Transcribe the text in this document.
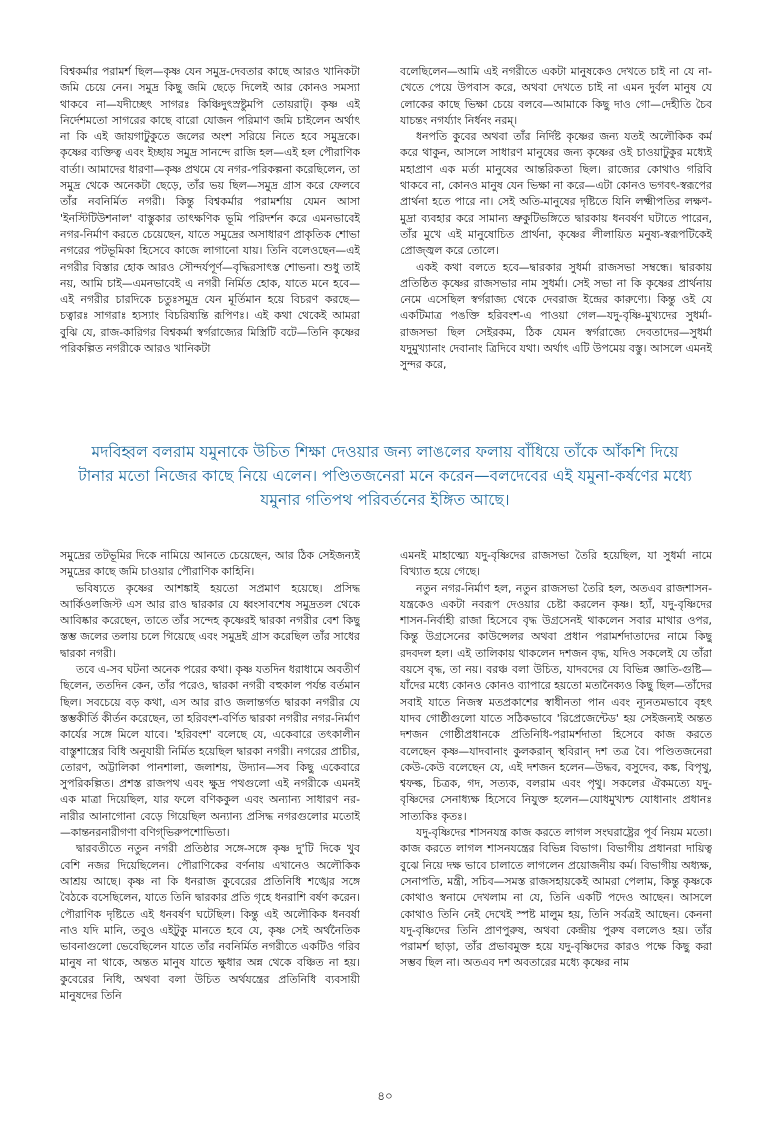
বিশ্বকর্মার পরামর্শ ছিল—কৃষ্ণ যেন সমুদ্র-দেবতার কাছে আরও খানিকটা জমি চেয়ে নেন। সমুদ্র কিছু জমি ছেড়ে দিলেই আর কোনও সমস্যা থাকবে না—যদীচ্ছেৎ সাগরঃ কিঞ্চিদুৎস্রষ্টুমপি তোয়রাট্। কৃষ্ণ এই নির্দেশমতো সাগরের কাছে বারো যোজন পরিমাণ জমি চাইলেন অর্থাৎ না কি এই জায়গাটুকুতে জলের অংশ সরিয়ে নিতে হবে সমুদ্রকে। কৃষ্ণের ব্যক্তিত্ব এবং ইচ্ছায় সমুদ্র সানন্দে রাজি হল—এই হল পৌরাণিক বার্তা। আমাদের ধারণা—কৃষ্ণ প্রথমে যে নগর-পরিকল্পনা করেছিলেন, তা সমুদ্র থেকে অনেকটা ছেড়ে, তাঁর ভয় ছিল—সমুদ্র গ্রাস করে ফেলবে তাঁর নবনির্মিত নগরী। কিন্তু বিশ্বকর্মার পরামর্শায় যেমন আসা 'ইনস্টিটিউশনাল' বাস্তুকার তাৎক্ষণিক ভূমি পরিদর্শন করে এমনভাবেই নগর-নির্মাণ করতে চেয়েছেন, যাতে সমুদ্রের অসাধারণ প্রাকৃতিক শোভা নগরের পটভূমিকা হিসেবে কাজে লাগানো যায়। তিনি বলেওছেন—এই নগরীর বিস্তার হোক আরও সৌন্দর্যপূর্ণ—বৃদ্ধিরসাৎস্ত শোভনা। শুধু তাই নয়, আমি চাই—এমনভাবেই এ নগরী নির্মিত হোক, যাতে মনে হবে—এই নগরীর চারদিকে চতুঃসমুদ্র যেন মূর্তিমান হয়ে বিচরণ করছে—চত্বারঃ সাগরাঃ হ্যস্যাং বিচরিষ্যন্তি রূপিণঃ। এই কথা থেকেই আমরা বুঝি যে, রাজ-কারিগর বিশ্বকর্মা স্বর্গরাজ্যের মিস্ত্রিটি বটে—তিনি কৃষ্ণের পরিকল্পিত নগরীকে আরও খানিকটা

বলেছিলেন—আমি এই নগরীতে একটা মানুষকেও দেখতে চাই না যে না-খেতে পেয়ে উপবাস করে, অথবা দেখতে চাই না এমন দুর্বল মানুষ যে লোকের কাছে ভিক্ষা চেয়ে বলবে—আমাকে কিছু দাও গো—দেহীতি চৈব যাচন্তং নগর্য্যাং নির্ধনং নরম্।

ধনপতি কুবের অথবা তাঁর নির্দিষ্ট কৃষ্ণের জন্য যতই অলৌকিক কর্ম করে থাকুন, আসলে সাধারণ মানুষের জন্য কৃষ্ণের ওই চাওয়াটুকুর মধ্যেই মহাপ্রাণ এক মর্তা মানুষের আন্তরিকতা ছিল। রাজ্যের কোথাও গরিবি থাকবে না, কোনও মানুষ যেন ভিক্ষা না করে—এটা কোনও ভগবৎ-স্বরূপের প্রার্থনা হতে পারে না। সেই অতি-মানুষের দৃষ্টিতে যিনি লক্ষ্মীপতির লক্ষণ-মুদ্রা ব্যবহার করে সামান্য ভ্রুকুটিভঙ্গিতে দ্বারকায় ধনবর্ষণ ঘটাতে পারেন, তাঁর মুখে এই মানুষোচিত প্রার্থনা, কৃষ্ণের লীলায়িত মনুষ্য-স্বরূপটিকেই প্রোজ্জ্বল করে তোলে।

একই কথা বলতে হবে—দ্বারকার সুধর্মা রাজসভা সম্বন্ধে। দ্বারকায় প্রতিষ্ঠিত কৃষ্ণের রাজসভার নাম সুধর্মা। সেই সভা না কি কৃষ্ণের প্রার্থনায় নেমে এসেছিল স্বর্গরাজ্য থেকে দেবরাজ ইন্দ্রের কারুণ্যে। কিন্তু ওই যে একটিমাত্র পঙক্তি হরিবংশ-এ পাওয়া গেল—যদু-বৃষ্ণি-মুখ্যদের সুধর্মা-রাজসভা ছিল সেইরকম, ঠিক যেমন স্বর্গরাজ্যে দেবতাদের—সুধর্মা যদুমুখ্যানাং দেবানাং ত্রিদিবে যথা। অর্থাৎ এটি উপমেয় বস্তু। আসলে এমনই সুন্দর করে,

মদবিহ্বল বলরাম যমুনাকে উচিত শিক্ষা দেওয়ার জন্য লাঙলের ফলায় বাঁধিয়ে তাঁকে আঁকশি দিয়ে টানার মতো নিজের কাছে নিয়ে এলেন। পণ্ডিতজনেরা মনে করেন—বলদেবের এই যমুনা-কর্ষণের মধ্যে যমুনার গতিপথ পরিবর্তনের ইঙ্গিত আছে।

সমুদ্রের তটভূমির দিকে নামিয়ে আনতে চেয়েছেন, আর ঠিক সেইজন্যই সমুদ্রের কাছে জমি চাওয়ার পৌরাণিক কাহিনি।

ভবিষ্যতে কৃষ্ণের আশঙ্কাই হয়তো সপ্রমাণ হয়েছে। প্রসিদ্ধ আর্কিওলজিস্ট এস আর রাও দ্বারকার যে ধ্বংসাবশেষ সমুদ্রতল থেকে আবিষ্কার করেছেন, তাতে তাঁর সন্দেহ কৃষ্ণেরই দ্বারকা নগরীর বেশ কিছু স্তম্ভ জলের তলায় চলে গিয়েছে এবং সমুদ্রই গ্রাস করেছিল তাঁর সাধের দ্বারকা নগরী।

তবে এ-সব ঘটনা অনেক পরের কথা। কৃষ্ণ যতদিন ধরাধামে অবতীর্ণ ছিলেন, ততদিন কেন, তাঁর পরেও, দ্বারকা নগরী বহুকাল পর্যন্ত বর্তমান ছিল। সবচেয়ে বড় কথা, এস আর রাও জলান্তর্গত দ্বারকা নগরীর যে স্তম্ভকীর্তি কীর্তন করেছেন, তা হরিবংশ-বর্ণিত দ্বারকা নগরীর নগর-নির্মাণ কার্যের সঙ্গে মিলে যাবে। 'হরিবংশ' বলেছে যে, একেবারে তৎকালীন বাস্তুশাস্ত্রের বিধি অনুযায়ী নির্মিত হয়েছিল দ্বারকা নগরী। নগরের প্রাচীর, তোরণ, অট্টালিকা পানশালা, জলাশয়, উদ্যান—সব কিছু একেবারে সুপরিকল্পিত। প্রশস্ত রাজপথ এবং ক্ষুদ্র পথগুলো এই নগরীকে এমনই এক মাত্রা দিয়েছিল, যার ফলে বণিককুল এবং অন্যান্য সাধারণ নর-নারীর আনাগোনা বেড়ে গিয়েছিল অন্যান্য প্রসিদ্ধ নগরগুলোর মতোই—কান্তনরনারীগণা বণিগ্‌ভিরুপশোভিতা।

দ্বারবতীতে নতুন নগরী প্রতিষ্ঠার সঙ্গে-সঙ্গে কৃষ্ণ দু'টি দিকে খুব বেশি নজর দিয়েছিলেন। পৌরাণিকের বর্ণনায় এখানেও অলৌকিক আশ্রয় আছে। কৃষ্ণ না কি ধনরাজ কুবেরের প্রতিনিধি শঙ্খের সঙ্গে বৈঠকে বসেছিলেন, যাতে তিনি দ্বারকার প্রতি গৃহে ধনরাশি বর্ষণ করেন। পৌরাণিক দৃষ্টিতে এই ধনবর্ষণ ঘটেছিল। কিন্তু এই অলৌকিক ধনবর্ষা নাও যদি মানি, তবুও এইটুকু মানতে হবে যে, কৃষ্ণ সেই অর্থনৈতিক ভাবনাগুলো ভেবেছিলেন যাতে তাঁর নবনির্মিত নগরীতে একটিও গরিব মানুষ না থাকে, অন্তত মানুষ যাতে ক্ষুধার অন্ন থেকে বঞ্চিত না হয়। কুবেরের নিধি, অথবা বলা উচিত অর্থযন্ত্রের প্রতিনিধি ব্যবসায়ী মানুষদের তিনি

এমনই মাহাত্ম্যে যদু-বৃষ্ণিদের রাজসভা তৈরি হয়েছিল, যা সুধর্মা নামে বিখ্যাত হয়ে গেছে।

নতুন নগর-নির্মাণ হল, নতুন রাজসভা তৈরি হল, অতএব রাজশাসন-যন্ত্রকেও একটা নবরূপ দেওয়ার চেষ্টা করলেন কৃষ্ণ। হ্যাঁ, যদু-বৃষ্ণিদের শাসন-নির্বাহী রাজা হিসেবে বৃদ্ধ উগ্রসেনই থাকলেন সবার মাথার ওপর, কিন্তু উগ্রসেনের কাউন্সেলর অথবা প্রধান পরামর্শদাতাদের নামে কিছু রদবদল হল। এই তালিকায় থাকলেন দশজন বৃদ্ধ, যদিও সকলেই যে তাঁরা বয়সে বৃদ্ধ, তা নয়। বরঞ্চ বলা উচিত, যাদবদের যে বিভিন্ন জ্ঞাতি-গুষ্টি—যাঁদের মধ্যে কোনও কোনও ব্যাপারে হয়তো মতানৈক্যও কিছু ছিল—তাঁদের সবাই যাতে নিজস্ব মতপ্রকাশের স্বাধীনতা পান এবং ন্যূনতমভাবে বৃহৎ যাদব গোষ্ঠীগুলো যাতে সঠিকভাবে 'রিপ্রেজেন্টেড' হয় সেইজন্যই অন্তত দশজন গোষ্ঠীপ্রধানকে প্রতিনিধি-পরামর্শদাতা হিসেবে কাজ করতে বলেছেন কৃষ্ণ—যাদবানাং কুলকরান্‌ স্থবিরান্‌ দশ তত্র বৈ। পণ্ডিতজনেরা কেউ-কেউ বলেছেন যে, এই দশজন হলেন—উদ্ধব, বসুদেব, কঙ্ক, বিপৃথু, শ্বফল্ক, চিত্রক, গদ, সত্যক, বলরাম এবং পৃথু। সকলের ঐকমত্যে যদু-বৃষ্ণিদের সেনাধ্যক্ষ হিসেবে নিযুক্ত হলেন—যোধমুখ্যশ্চ যোধানাং প্রধানঃ সাত্যকিঃ কৃতঃ।

যদু-বৃষ্ণিদের শাসনযন্ত্র কাজ করতে লাগল সংঘরাষ্ট্রের পূর্ব নিয়ম মতো। কাজ করতে লাগল শাসনযন্ত্রের বিভিন্ন বিভাগ। বিভাগীয় প্রধানরা দায়িত্ব বুঝে নিয়ে দক্ষ ভাবে চালাতে লাগলেন প্রয়োজনীয় কর্ম। বিভাগীয় অধ্যক্ষ, সেনাপতি, মন্ত্রী, সচিব—সমস্ত রাজসহায়কেই আমরা পেলাম, কিন্তু কৃষ্ণকে কোথাও স্বনামে দেখলাম না যে, তিনি একটি পদেও আছেন। আসলে কোথাও তিনি নেই দেখেই স্পষ্ট মালুম হয়, তিনি সর্বত্রই আছেন। কেননা যদু-বৃষ্ণিদের তিনি প্রাণপুরুষ, অথবা কেন্দ্রীয় পুরুষ বললেও হয়। তাঁর পরামর্শ ছাড়া, তাঁর প্রভাবমুক্ত হয়ে যদু-বৃষ্ণিদের কারও পক্ষে কিছু করা সম্ভব ছিল না। অতএব দশ অবতারের মধ্যে কৃষ্ণের নাম

৪০
